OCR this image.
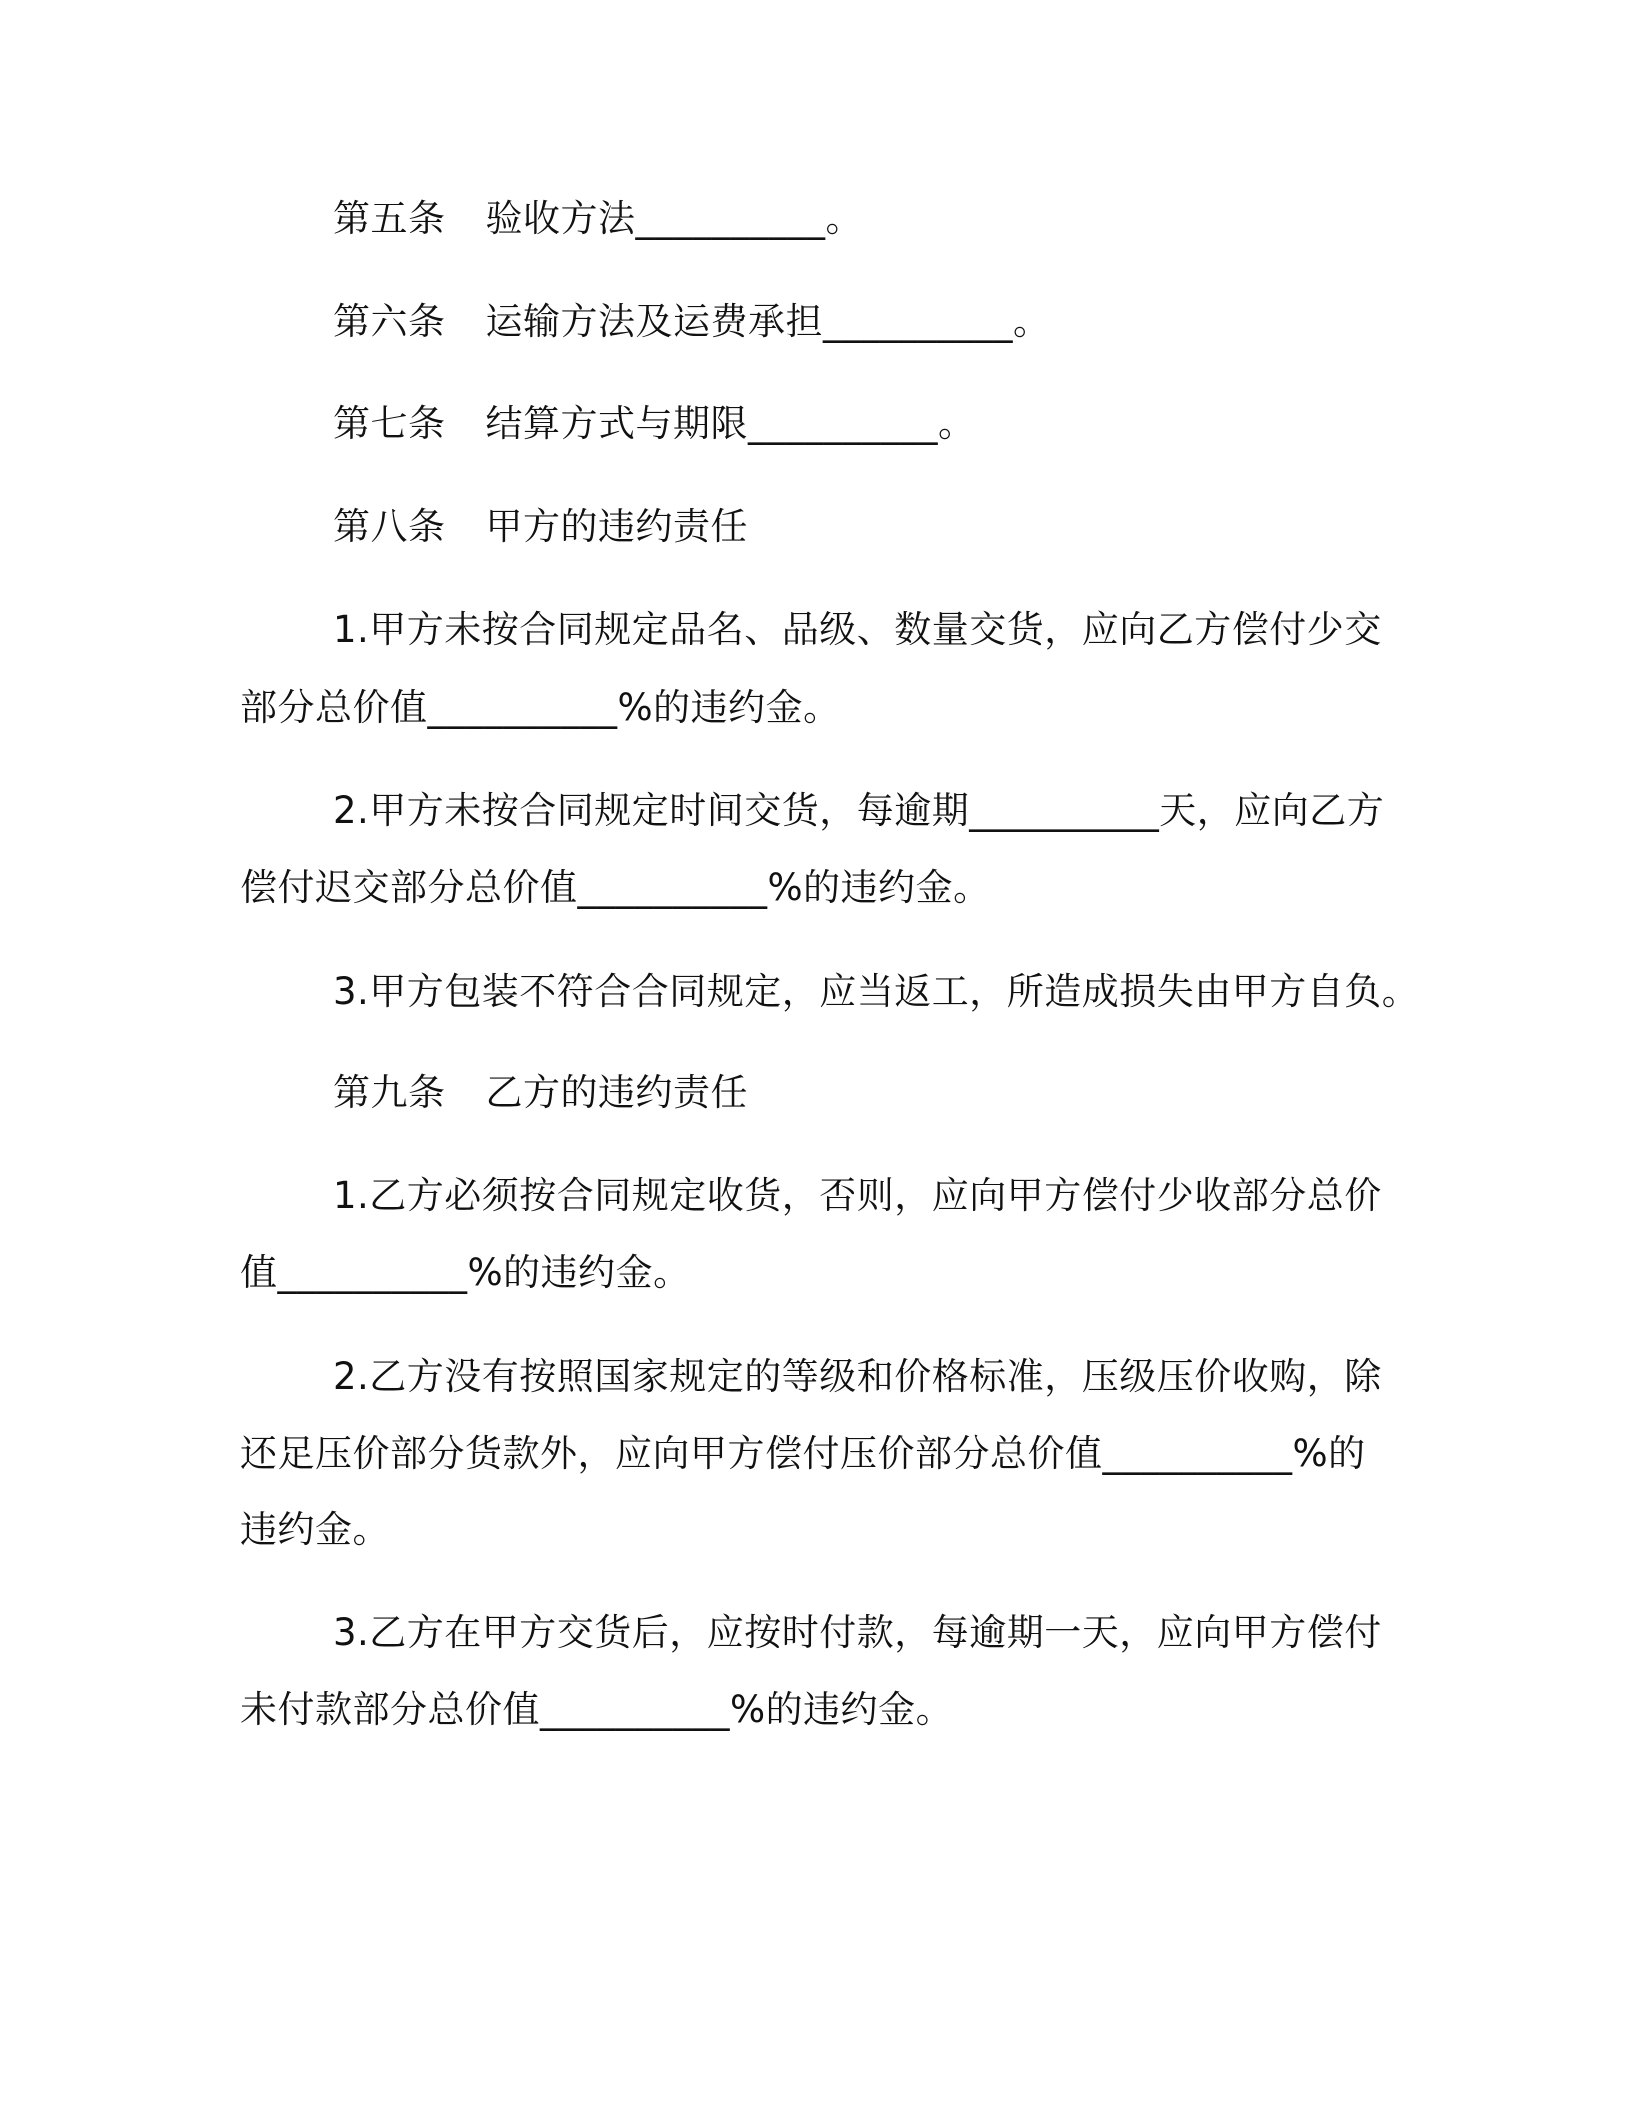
第五条 验收方法__________。
第六条 运输方法及运费承担__________。
第七条 结算方式与期限__________。
第八条 甲方的违约责任
1.甲方未按合同规定品名、品级、数量交货，应向乙方偿付少交
部分总价值__________%的违约金。
2.甲方未按合同规定时间交货，每逾期__________天，应向乙方
偿付迟交部分总价值__________%的违约金。
3.甲方包装不符合合同规定，应当返工，所造成损失由甲方自负。
第九条 乙方的违约责任
1.乙方必须按合同规定收货，否则，应向甲方偿付少收部分总价
值__________%的违约金。
2.乙方没有按照国家规定的等级和价格标准，压级压价收购，除
还足压价部分货款外，应向甲方偿付压价部分总价值__________%的
违约金。
3.乙方在甲方交货后，应按时付款，每逾期一天，应向甲方偿付
未付款部分总价值__________%的违约金。
